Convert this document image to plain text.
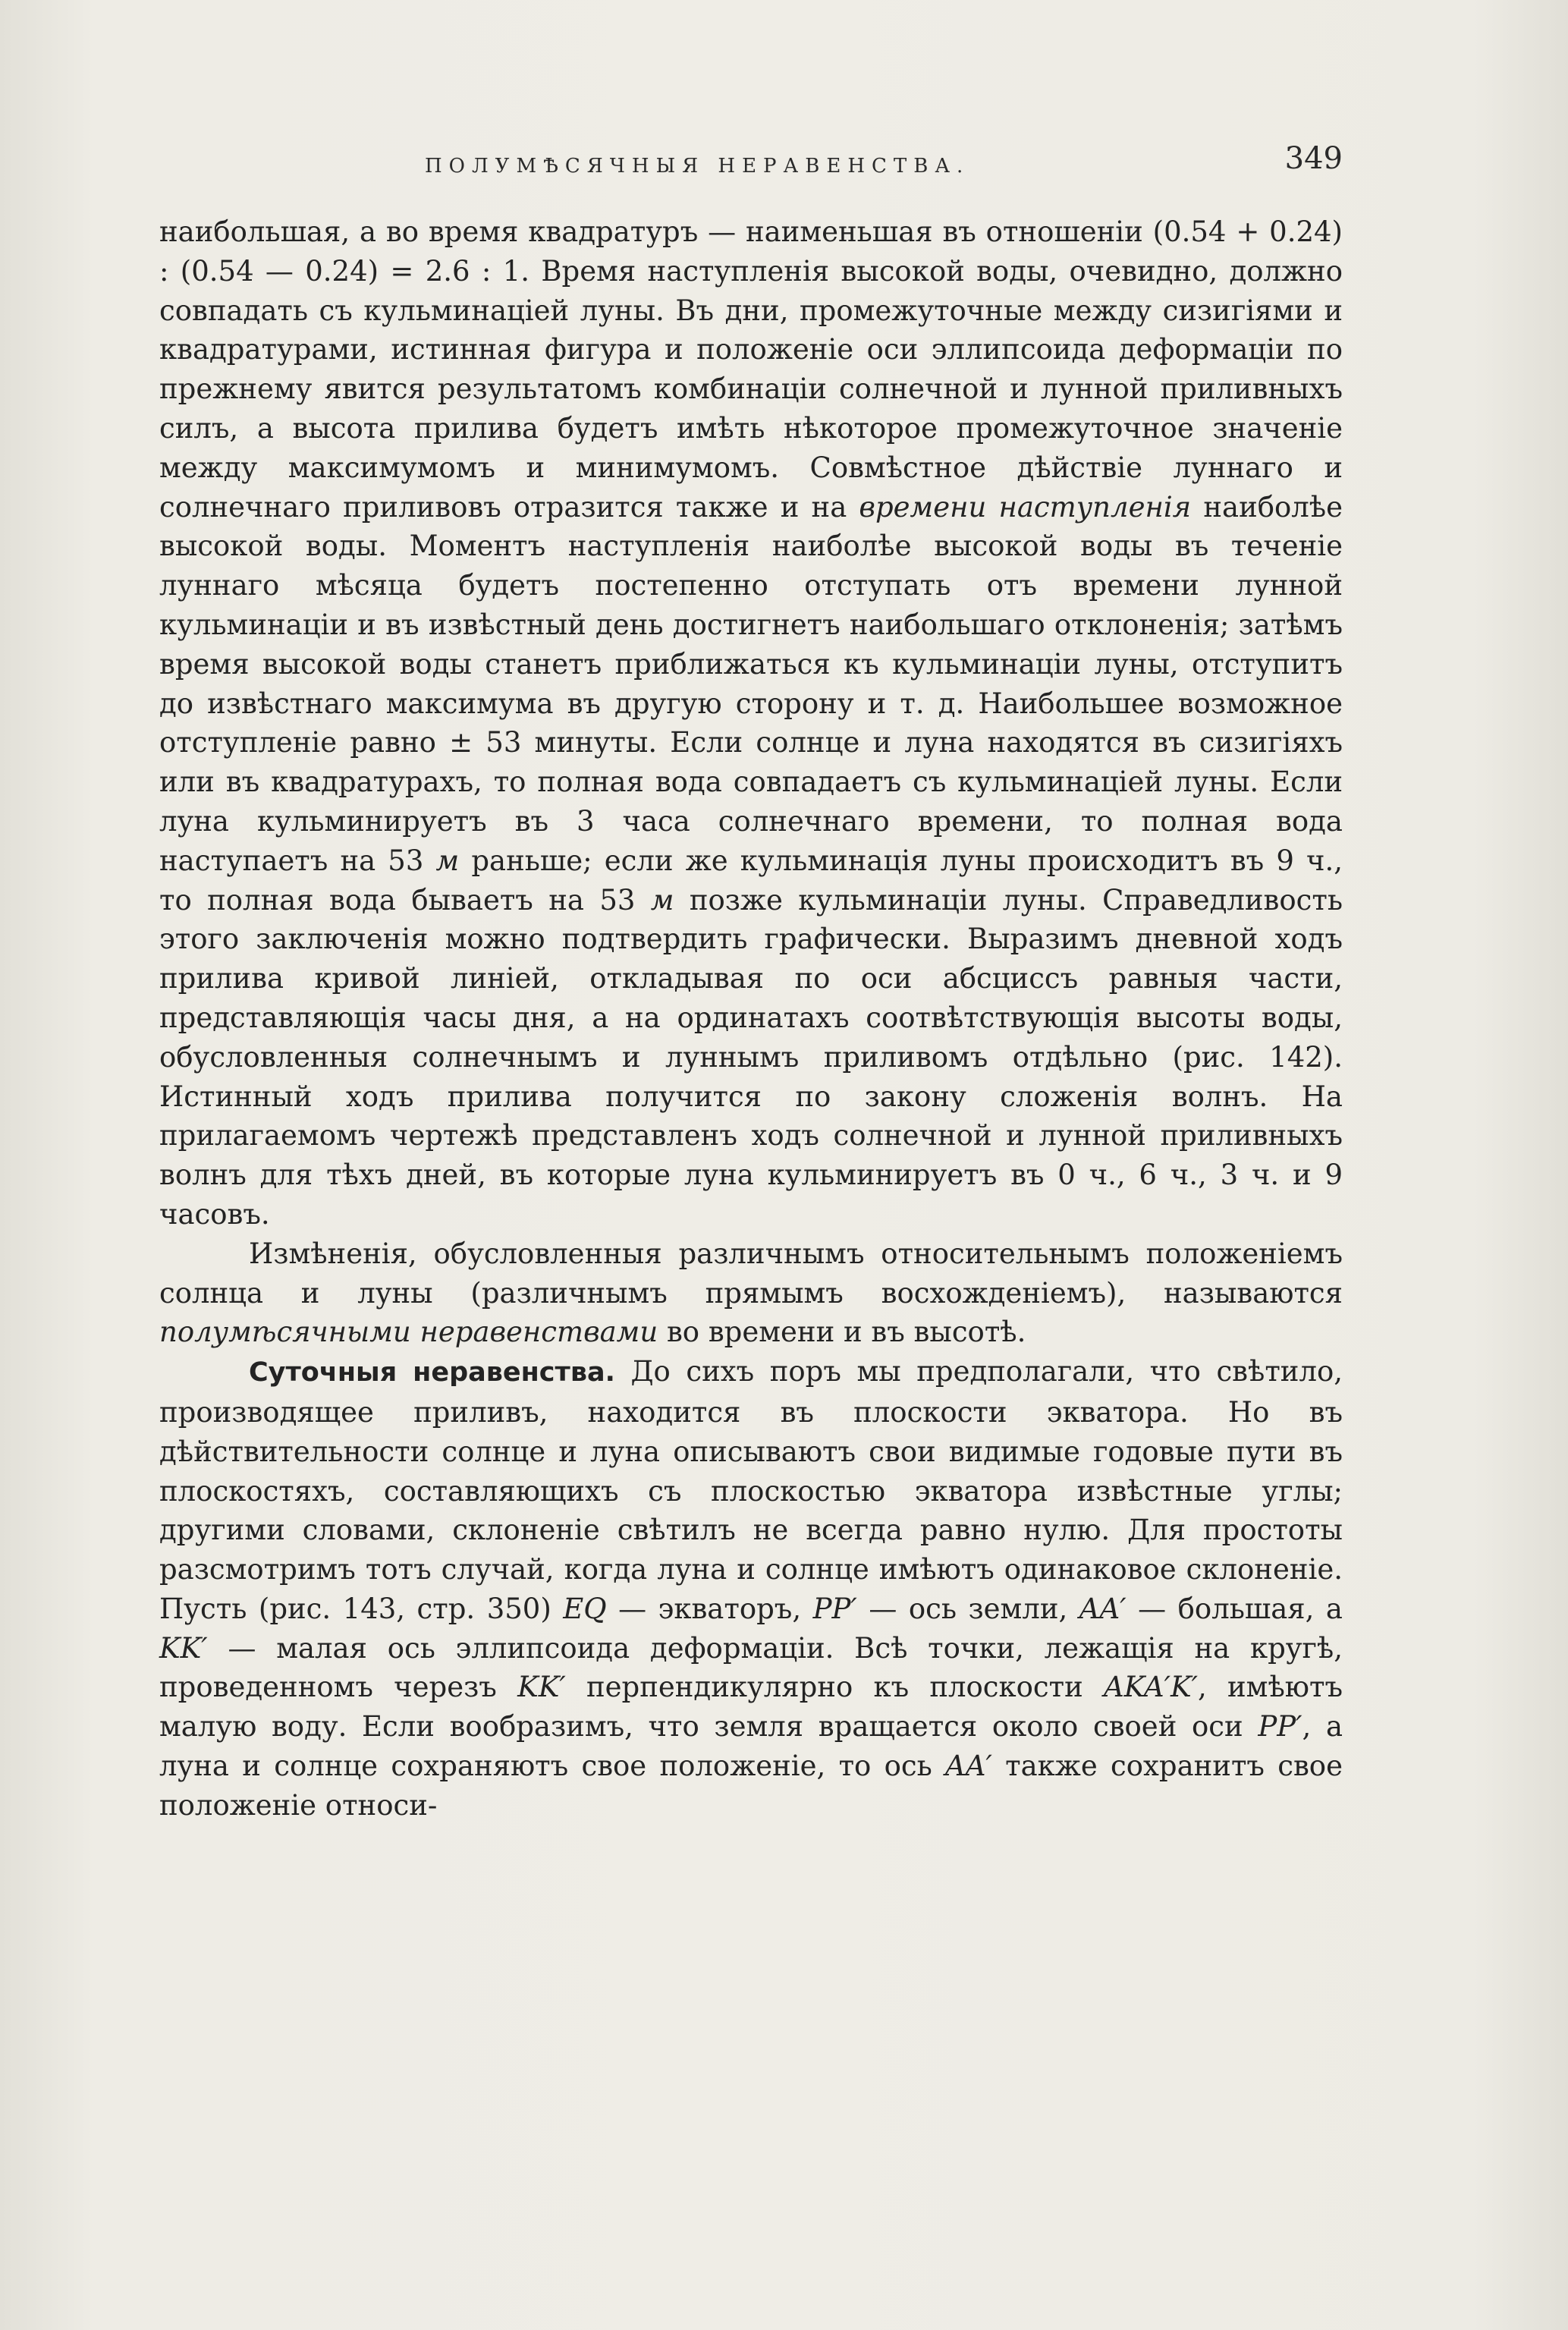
ПОЛУМѢСЯЧНЫЯ НЕРАВЕНСТВА.	349

наибольшая, а во время квадратуръ — наименьшая въ отношенiи (0.54 + 0.24) : (0.54 — 0.24) = 2.6 : 1. Время наступленiя высокой воды, очевидно, должно совпадать съ кульминацiей луны. Въ дни, промежуточные между сизигiями и квадратурами, истинная фигура и положенiе оси эллипсоида деформацiи по прежнему явится результатомъ комбинацiи солнечной и лунной приливныхъ силъ, а высота прилива будетъ имѣть нѣкоторое промежуточное значенiе между максимумомъ и минимумомъ. Совмѣстное дѣйствiе луннаго и солнечнаго приливовъ отразится также и на времени наступленiя наиболѣе высокой воды. Моментъ наступленiя наиболѣе высокой воды въ теченiе луннаго мѣсяца будетъ постепенно отступать отъ времени лунной кульминацiи и въ извѣстный день достигнетъ наибольшаго отклоненiя; затѣмъ время высокой воды станетъ приближаться къ кульминацiи луны, отступитъ до извѣстнаго максимума въ другую сторону и т. д. Наибольшее возможное отступленiе равно ± 53 минуты. Если солнце и луна находятся въ сизигiяхъ или въ квадратурахъ, то полная вода совпадаетъ съ кульминацiей луны. Если луна кульминируетъ въ 3 часа солнечнаго времени, то полная вода наступаетъ на 53 м раньше; если же кульминацiя луны происходитъ въ 9 ч., то полная вода бываетъ на 53 м позже кульминацiи луны. Справедливость этого заключенiя можно подтвердить графически. Выразимъ дневной ходъ прилива кривой линiей, откладывая по оси абсциссъ равныя части, представляющiя часы дня, а на ординатахъ соотвѣтствующiя высоты воды, обусловленныя солнечнымъ и луннымъ приливомъ отдѣльно (рис. 142). Истинный ходъ прилива получится по закону сложенiя волнъ. На прилагаемомъ чертежѣ представленъ ходъ солнечной и лунной приливныхъ волнъ для тѣхъ дней, въ которые луна кульминируетъ въ 0 ч., 6 ч., 3 ч. и 9 часовъ.

Измѣненiя, обусловленныя различнымъ относительнымъ положенiемъ солнца и луны (различнымъ прямымъ восхожденiемъ), называются полумѣсячными неравенствами во времени и въ высотѣ.

Суточныя неравенства. До сихъ поръ мы предполагали, что свѣтило, производящее приливъ, находится въ плоскости экватора. Но въ дѣйствительности солнце и луна описываютъ свои видимые годовые пути въ плоскостяхъ, составляющихъ съ плоскостью экватора извѣстные углы; другими словами, склоненiе свѣтилъ не всегда равно нулю. Для простоты разсмотримъ тотъ случай, когда луна и солнце имѣютъ одинаковое склоненiе. Пусть (рис. 143, стр. 350) EQ — экваторъ, PP′ — ось земли, AA′ — большая, а KK′ — малая ось эллипсоида деформацiи. Всѣ точки, лежащiя на кругѣ, проведенномъ черезъ KK′ перпендикулярно къ плоскости AKA′K′, имѣютъ малую воду. Если вообразимъ, что земля вращается около своей оси PP′, а луна и солнце сохраняютъ свое положенiе, то ось AA′ также сохранитъ свое положенiе относи-
